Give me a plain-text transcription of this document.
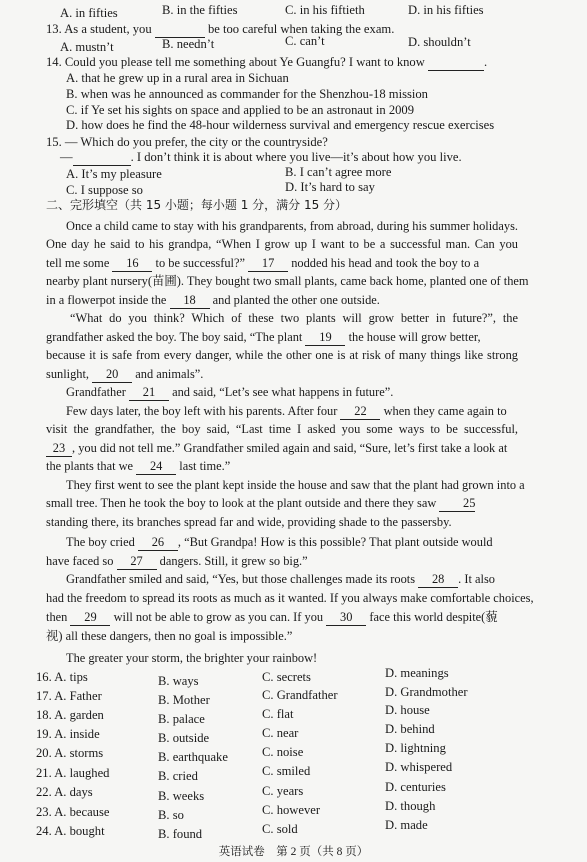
A. in fifties	B. in the fifties	C. in his fiftieth	D. in his fifties
13. As a student, you	be too careful when taking the exam.
A. mustn’t	B. needn’t	C. can’t	D. shouldn’t
14. Could you please tell me something about Ye Guangfu? I want to know	.
A. that he grew up in a rural area in Sichuan
B. when was he announced as commander for the Shenzhou-18 mission
C. if Ye set his sights on space and applied to be an astronaut in 2009
D. how does he find the 48-hour wilderness survival and emergency rescue exercises
15. — Which do you prefer, the city or the countryside?
—	. I don’t think it is about where you live—it’s about how you live.
A. It’s my pleasure	B. I can’t agree more
C. I suppose so	D. It’s hard to say
二、完形填空（共 15 小题；每小题 1 分，满分 15 分）
Once a child came to stay with his grandparents, from abroad, during his summer holidays.
One day he said to his grandpa, “When I grow up I want to be a successful man. Can you
tell me some 16 to be successful?” 17 nodded his head and took the boy to a
nearby plant nursery(苗圃). They bought two small plants, came back home, planted one of them
in a flowerpot inside the 18 and planted the other one outside.
“What do you think? Which of these two plants will grow better in future?”, the
grandfather asked the boy. The boy said, “The plant 19 the house will grow better,
because it is safe from every danger, while the other one is at risk of many things like strong
sunlight, 20 and animals”.
Grandfather 21 and said, “Let’s see what happens in future”.
Few days later, the boy left with his parents. After four 22 when they came again to
visit the grandfather, the boy said, “Last time I asked you some ways to be successful,
23 , you did not tell me.” Grandfather smiled again and said, “Sure, let’s first take a look at
the plants that we 24 last time.”
They first went to see the plant kept inside the house and saw that the plant had grown into a
small tree. Then he took the boy to look at the plant outside and there they saw 25
standing there, its branches spread far and wide, providing shade to the passersby.
The boy cried 26 , “But Grandpa! How is this possible? That plant outside would
have faced so 27 dangers. Still, it grew so big.”
Grandfather smiled and said, “Yes, but those challenges made its roots 28 . It also
had the freedom to spread its roots as much as it wanted. If you always make comfortable choices,
then 29 will not be able to grow as you can. If you 30 face this world despite(藐
视) all these dangers, then no goal is impossible.”
The greater your storm, the brighter your rainbow!
16. A. tips	B. ways	C. secrets	D. meanings
17. A. Father	B. Mother	C. Grandfather	D. Grandmother
18. A. garden	B. palace	C. flat	D. house
19. A. inside	B. outside	C. near	D. behind
20. A. storms	B. earthquake	C. noise	D. lightning
21. A. laughed	B. cried	C. smiled	D. whispered
22. A. days	B. weeks	C. years	D. centuries
23. A. because	B. so	C. however	D. though
24. A. bought	B. found	C. sold	D. made
英语试卷　第 2 页（共 8 页）
